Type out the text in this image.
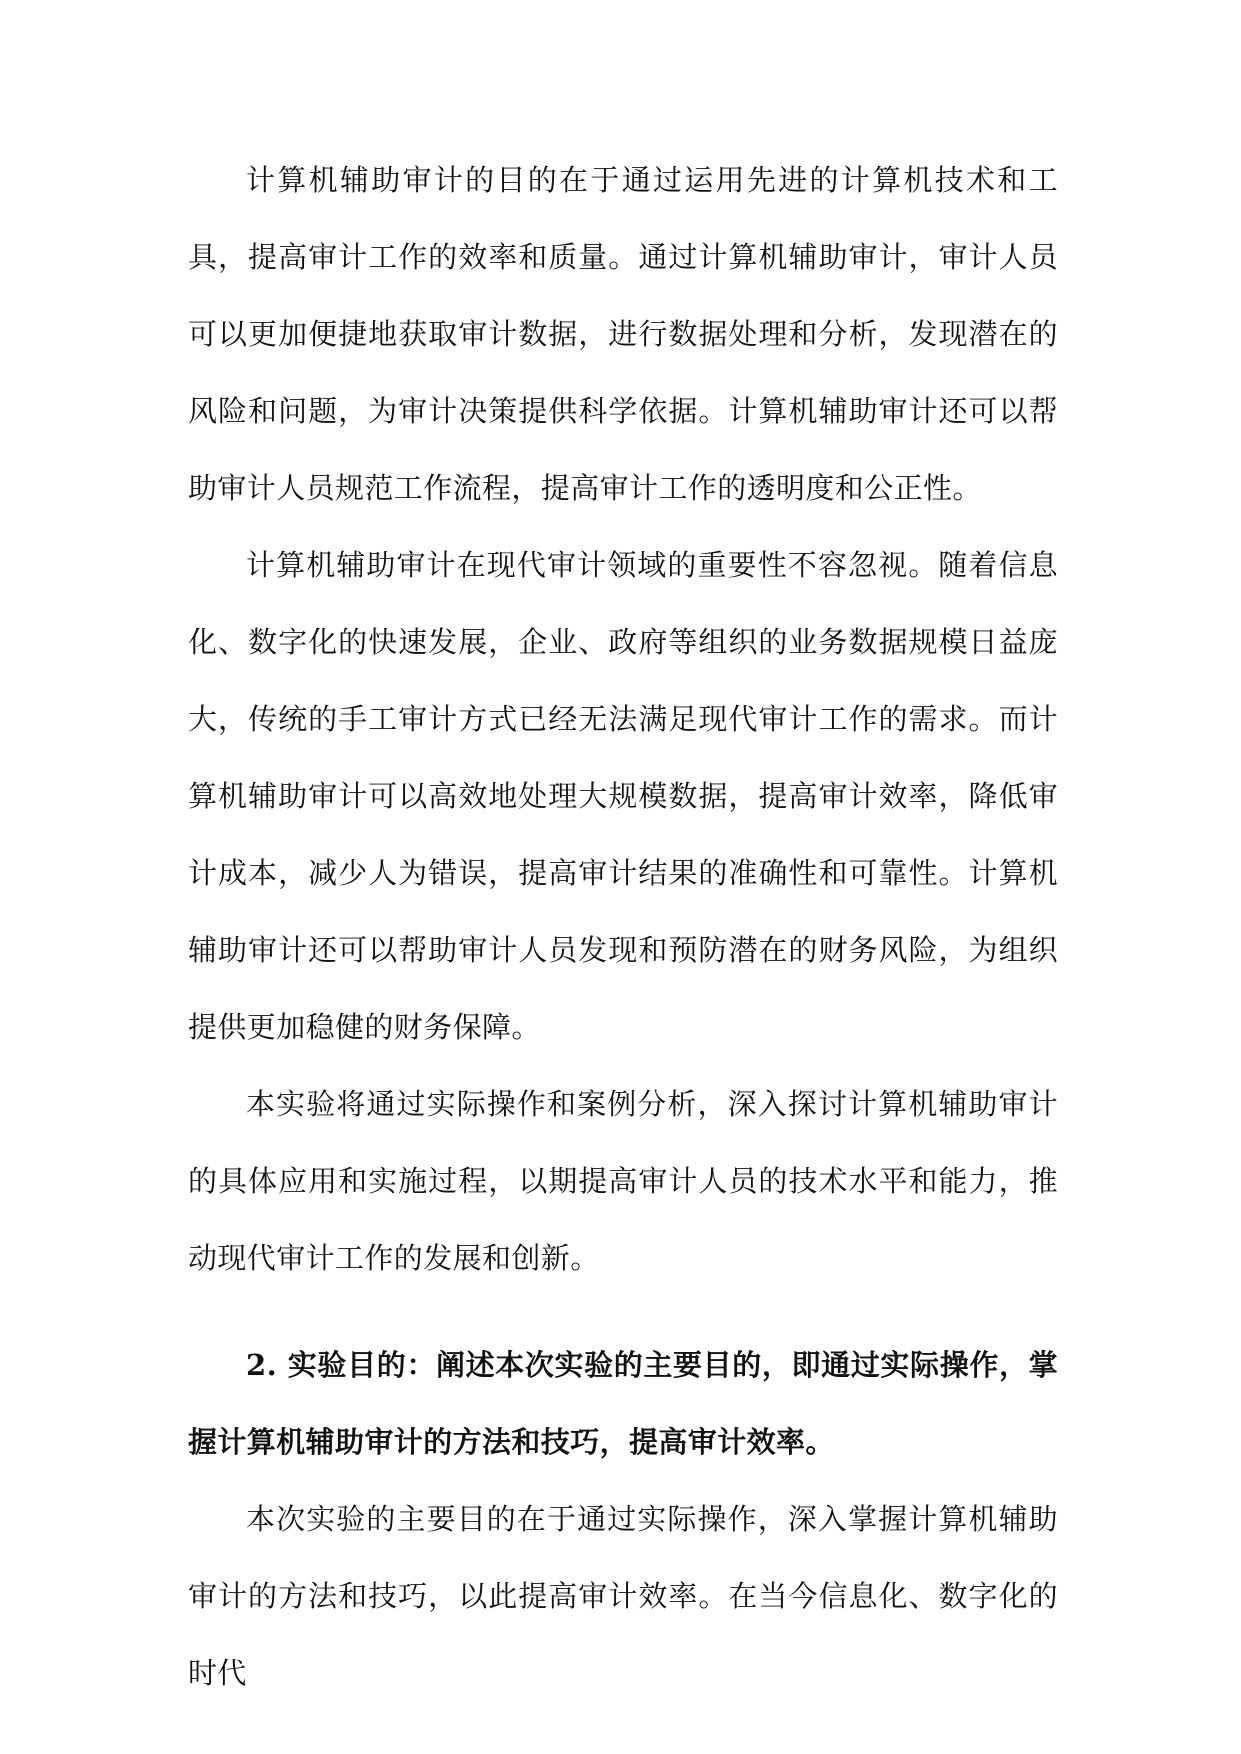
计算机辅助审计的目的在于通过运用先进的计算机技术和工具，提高审计工作的效率和质量。通过计算机辅助审计，审计人员可以更加便捷地获取审计数据，进行数据处理和分析，发现潜在的风险和问题，为审计决策提供科学依据。计算机辅助审计还可以帮助审计人员规范工作流程，提高审计工作的透明度和公正性。

计算机辅助审计在现代审计领域的重要性不容忽视。随着信息化、数字化的快速发展，企业、政府等组织的业务数据规模日益庞大，传统的手工审计方式已经无法满足现代审计工作的需求。而计算机辅助审计可以高效地处理大规模数据，提高审计效率，降低审计成本，减少人为错误，提高审计结果的准确性和可靠性。计算机辅助审计还可以帮助审计人员发现和预防潜在的财务风险，为组织提供更加稳健的财务保障。

本实验将通过实际操作和案例分析，深入探讨计算机辅助审计的具体应用和实施过程，以期提高审计人员的技术水平和能力，推动现代审计工作的发展和创新。

2. 实验目的：阐述本次实验的主要目的，即通过实际操作，掌握计算机辅助审计的方法和技巧，提高审计效率。

本次实验的主要目的在于通过实际操作，深入掌握计算机辅助审计的方法和技巧，以此提高审计效率。在当今信息化、数字化的时代
